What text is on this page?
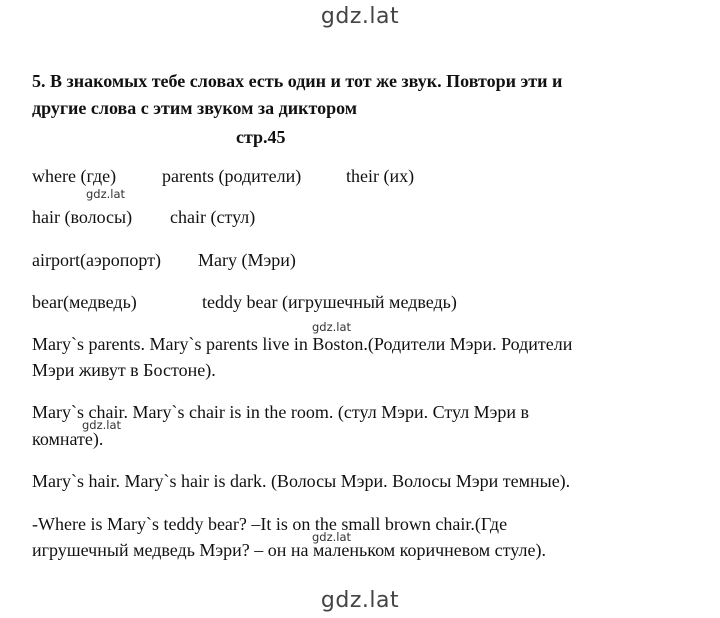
gdz.lat
5. В знакомых тебе словах есть один и тот же звук. Повтори эти и
другие слова с этим звуком за диктором
стр.45
where (где)	parents (родители) their (их)
gdz.lat
hair (волосы) chair (стул)
airport(аэропорт) Mary (Мэри)
bear(медведь)	teddy bear (игрушечный медведь)
gdz.lat
Mary`s parents. Mary`s parents live in Boston.(Родители Мэри. Родители
Мэри живут в Бостоне).
Mary`s chair. Mary`s chair is in the room. (стул Мэри. Стул Мэри в
gdz.lat
комнате).
Mary`s hair. Mary`s hair is dark. (Волосы Мэри. Волосы Мэри темные).
-Where is Mary`s teddy bear? –It is on the small brown chair.(Где
gdz.lat
игрушечный медведь Мэри? – он на маленьком коричневом стуле).
gdz.lat
